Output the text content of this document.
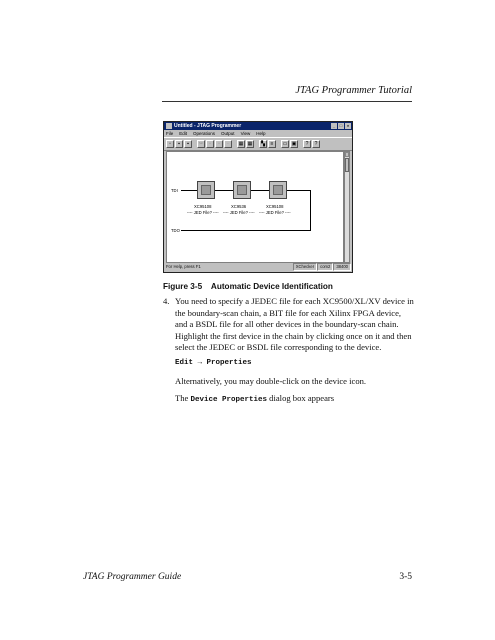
JTAG Programmer Tutorial
Untitled - JTAG Programmer	_	□	×
File Edit Operations Output View Help
▫	▪	▪	✂	▫	▫	·	▦ ▦	▚	≡	▭ ▣	?	?
TDI
TDO
XC95108
---- JED File? ----
XC9536
---- JED File? ----
XC95108
---- JED File? ----
For Help, press F1	XChecker	com2	38400
Figure 3-5    Automatic Device Identification
4. You need to specify a JEDEC file for each XC9500/XL/XV device in the boundary-scan chain, a BIT file for each Xilinx FPGA device, and a BSDL file for all other devices in the boundary-scan chain. Highlight the first device in the chain by clicking once on it and then select the JEDEC or BSDL file corresponding to the device.
Edit → Properties
Alternatively, you may double-click on the device icon.
The Device Properties dialog box appears
JTAG Programmer Guide	3-5
